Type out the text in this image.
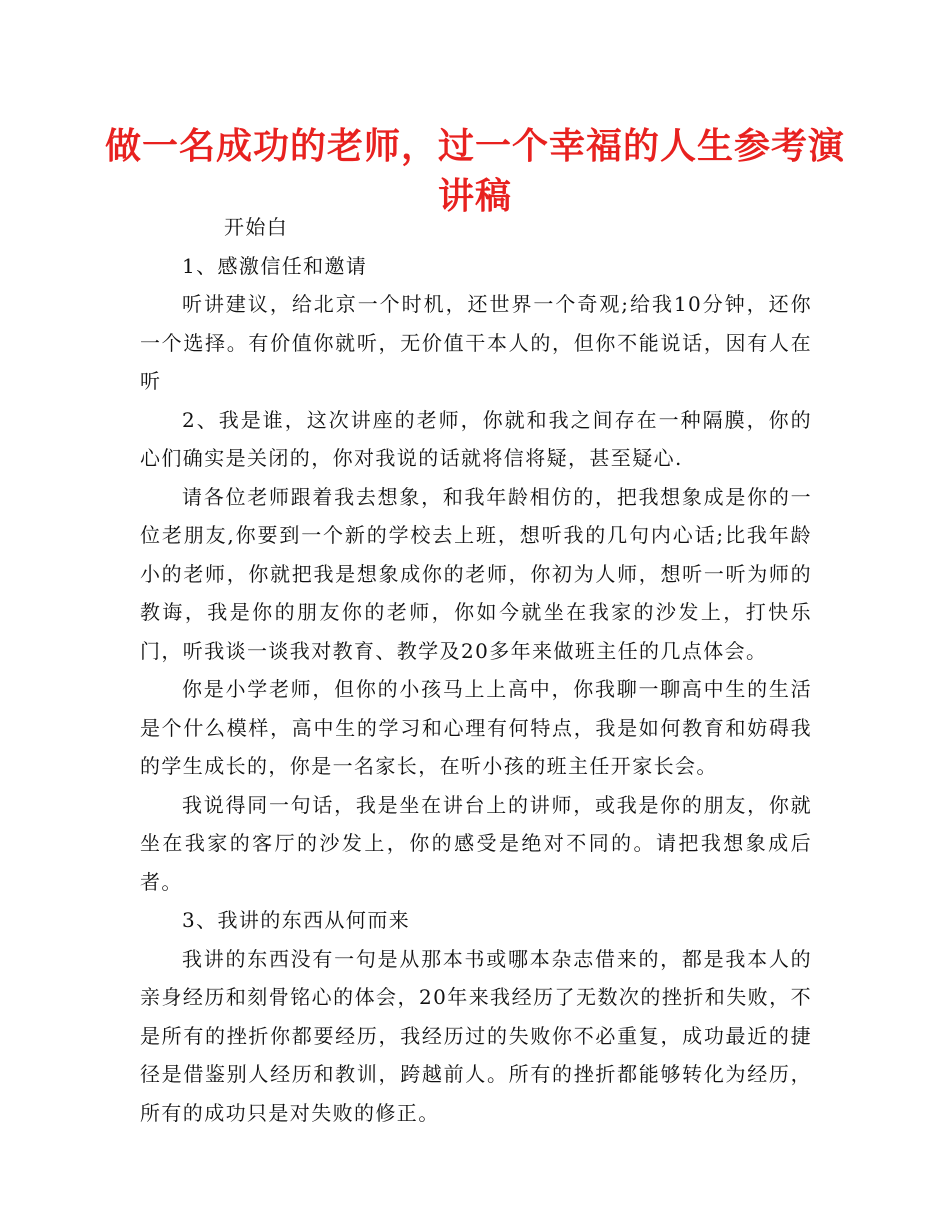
做一名成功的老师，过一个幸福的人生参考演讲稿

开始白

1、感激信任和邀请

听讲建议，给北京一个时机，还世界一个奇观;给我10分钟，还你一个选择。有价值你就听，无价值干本人的，但你不能说话，因有人在听

2、我是谁，这次讲座的老师，你就和我之间存在一种隔膜，你的心们确实是关闭的，你对我说的话就将信将疑，甚至疑心.

请各位老师跟着我去想象，和我年龄相仿的，把我想象成是你的一位老朋友,你要到一个新的学校去上班，想听我的几句内心话;比我年龄小的老师，你就把我是想象成你的老师，你初为人师，想听一听为师的教诲，我是你的朋友你的老师，你如今就坐在我家的沙发上，打快乐门，听我谈一谈我对教育、教学及20多年来做班主任的几点体会。

你是小学老师，但你的小孩马上上高中，你我聊一聊高中生的生活是个什么模样，高中生的学习和心理有何特点，我是如何教育和妨碍我的学生成长的，你是一名家长，在听小孩的班主任开家长会。

我说得同一句话，我是坐在讲台上的讲师，或我是你的朋友，你就坐在我家的客厅的沙发上，你的感受是绝对不同的。请把我想象成后者。

3、我讲的东西从何而来

我讲的东西没有一句是从那本书或哪本杂志借来的，都是我本人的亲身经历和刻骨铭心的体会，20年来我经历了无数次的挫折和失败，不是所有的挫折你都要经历，我经历过的失败你不必重复，成功最近的捷径是借鉴别人经历和教训，跨越前人。所有的挫折都能够转化为经历，所有的成功只是对失败的修正。
